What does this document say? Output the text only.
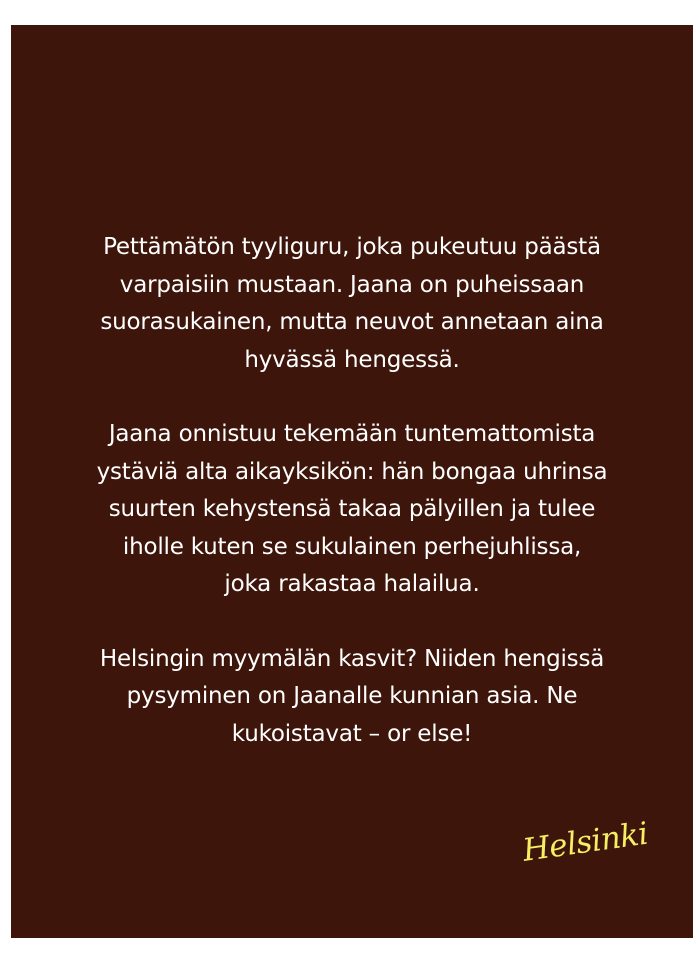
Pettämätön tyyliguru, joka pukeutuu päästä
varpaisiin mustaan. Jaana on puheissaan
suorasukainen, mutta neuvot annetaan aina
hyvässä hengessä.

Jaana onnistuu tekemään tuntemattomista
ystäviä alta aikayksikön: hän bongaa uhrinsa
suurten kehystensä takaa pälyillen ja tulee
iholle kuten se sukulainen perhejuhlissa,
joka rakastaa halailua.

Helsingin myymälän kasvit? Niiden hengissä
pysyminen on Jaanalle kunnian asia. Ne
kukoistavat – or else!

Helsinki
